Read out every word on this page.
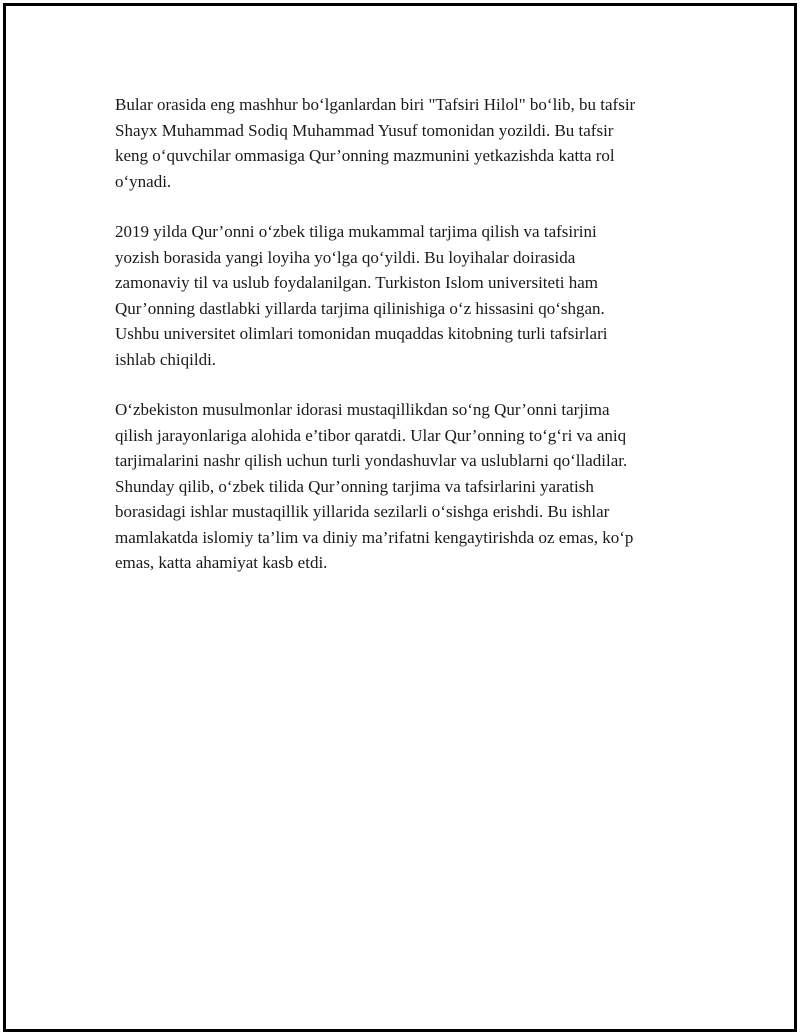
Bular orasida eng mashhur bo‘lganlardan biri "Tafsiri Hilol" bo‘lib, bu tafsir
Shayx Muhammad Sodiq Muhammad Yusuf tomonidan yozildi. Bu tafsir
keng o‘quvchilar ommasiga Qur’onning mazmunini yetkazishda katta rol
o‘ynadi.

2019 yilda Qur’onni o‘zbek tiliga mukammal tarjima qilish va tafsirini
yozish borasida yangi loyiha yo‘lga qo‘yildi. Bu loyihalar doirasida
zamonaviy til va uslub foydalanilgan. Turkiston Islom universiteti ham
Qur’onning dastlabki yillarda tarjima qilinishiga o‘z hissasini qo‘shgan.
Ushbu universitet olimlari tomonidan muqaddas kitobning turli tafsirlari
ishlab chiqildi.

O‘zbekiston musulmonlar idorasi mustaqillikdan so‘ng Qur’onni tarjima
qilish jarayonlariga alohida e’tibor qaratdi. Ular Qur’onning to‘g‘ri va aniq
tarjimalarini nashr qilish uchun turli yondashuvlar va uslublarni qo‘lladilar.
Shunday qilib, o‘zbek tilida Qur’onning tarjima va tafsirlarini yaratish
borasidagi ishlar mustaqillik yillarida sezilarli o‘sishga erishdi. Bu ishlar
mamlakatda islomiy ta’lim va diniy ma’rifatni kengaytirishda oz emas, ko‘p
emas, katta ahamiyat kasb etdi.
